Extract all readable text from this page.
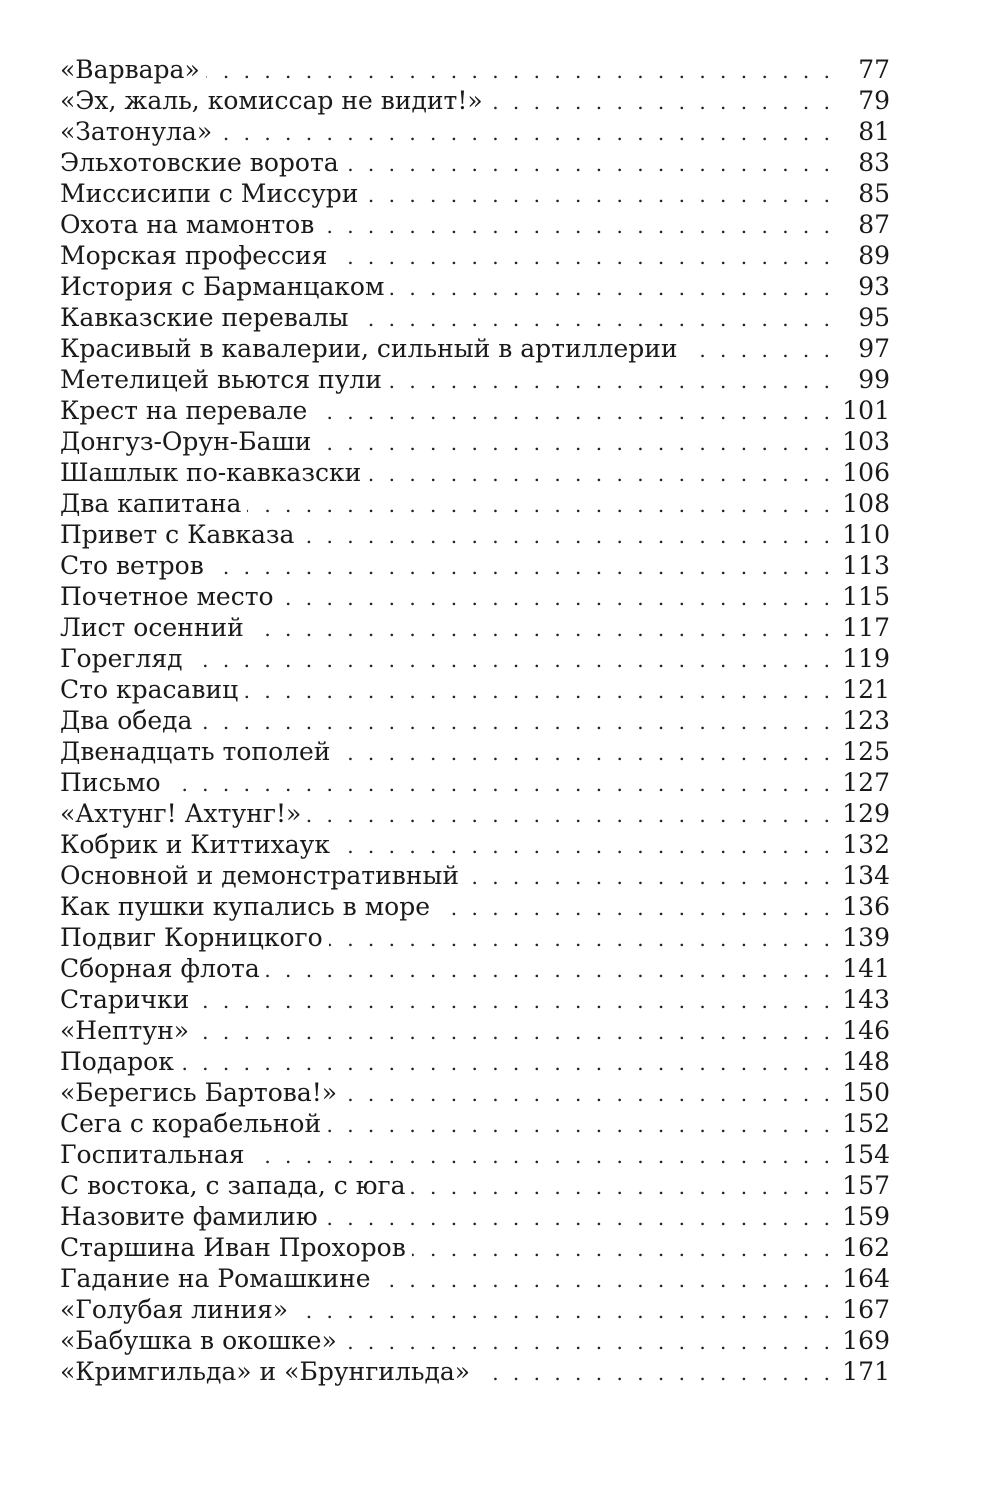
«Варвара» . . .	77
«Эх, жаль, комиссар не видит!» . . .	79
«Затонула» . . .	81
Эльхотовские ворота . . .	83
Миссисипи с Миссури . . .	85
Охота на мамонтов . . .	87
Морская профессия . . .	89
История с Барманцаком . . .	93
Кавказские перевалы . . .	95
Красивый в кавалерии, сильный в артиллерии . . .	97
Метелицей вьются пули . . .	99
Крест на перевале . . .	101
Донгуз-Орун-Баши . . .	103
Шашлык по-кавказски . . .	106
Два капитана . . .	108
Привет с Кавказа . . .	110
Сто ветров . . .	113
Почетное место . . .	115
Лист осенний . . .	117
Горегляд . . .	119
Сто красавиц . . .	121
Два обеда . . .	123
Двенадцать тополей . . .	125
Письмо . . .	127
«Ахтунг! Ахтунг!» . . .	129
Кобрик и Киттихаук . . .	132
Основной и демонстративный . . .	134
Как пушки купались в море . . .	136
Подвиг Корницкого . . .	139
Сборная флота . . .	141
Старички . . .	143
«Нептун» . . .	146
Подарок . . .	148
«Берегись Бартова!» . . .	150
Сега с корабельной . . .	152
Госпитальная . . .	154
С востока, с запада, с юга . . .	157
Назовите фамилию . . .	159
Старшина Иван Прохоров . . .	162
Гадание на Ромашкине . . .	164
«Голубая линия» . . .	167
«Бабушка в окошке» . . .	169
«Кримгильда» и «Брунгильда» . . .	171
